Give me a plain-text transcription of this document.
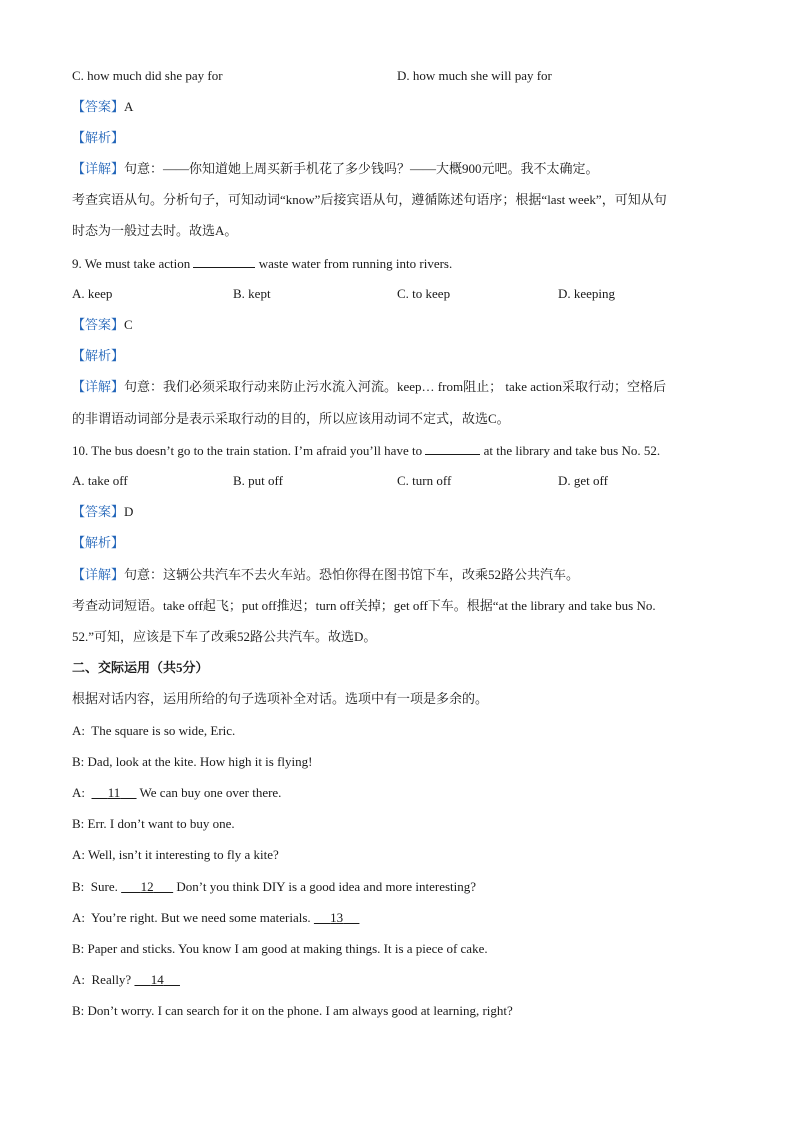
C. how much did she pay for	D. how much she will pay for
【答案】A
【解析】
【详解】句意：——你知道她上周买新手机花了多少钱吗？——大概900元吧。我不太确定。
考查宾语从句。分析句子，可知动词“know”后接宾语从句，遵循陈述句语序；根据“last week”，可知从句
时态为一般过去时。故选A。
9. We must take action	waste water from running into rivers.
A. keep	B. kept	C. to keep	D. keeping
【答案】C
【解析】
【详解】句意：我们必须采取行动来防止污水流入河流。keep… from阻止； take action采取行动；空格后
的非谓语动词部分是表示采取行动的目的，所以应该用动词不定式，故选C。
10. The bus doesn’t go to the train station. I’m afraid you’ll have to	at the library and take bus No. 52.
A. take off	B. put off	C. turn off	D. get off
【答案】D
【解析】
【详解】句意：这辆公共汽车不去火车站。恐怕你得在图书馆下车，改乘52路公共汽车。
考查动词短语。take off起飞；put off推迟；turn off关掉；get off下车。根据“at the library and take bus No.
52.”可知，应该是下车了改乘52路公共汽车。故选D。
二、交际运用（共5分）
根据对话内容，运用所给的句子选项补全对话。选项中有一项是多余的。
A: The square is so wide, Eric.
B: Dad, look at the kite. How high it is flying!
A: 11 We can buy one over there.
B: Err. I don’t want to buy one.
A: Well, isn’t it interesting to fly a kite?
B: Sure. 12 Don’t you think DIY is a good idea and more interesting?
A: You’re right. But we need some materials. 13
B: Paper and sticks. You know I am good at making things. It is a piece of cake.
A: Really? 14
B: Don’t worry. I can search for it on the phone. I am always good at learning, right?
